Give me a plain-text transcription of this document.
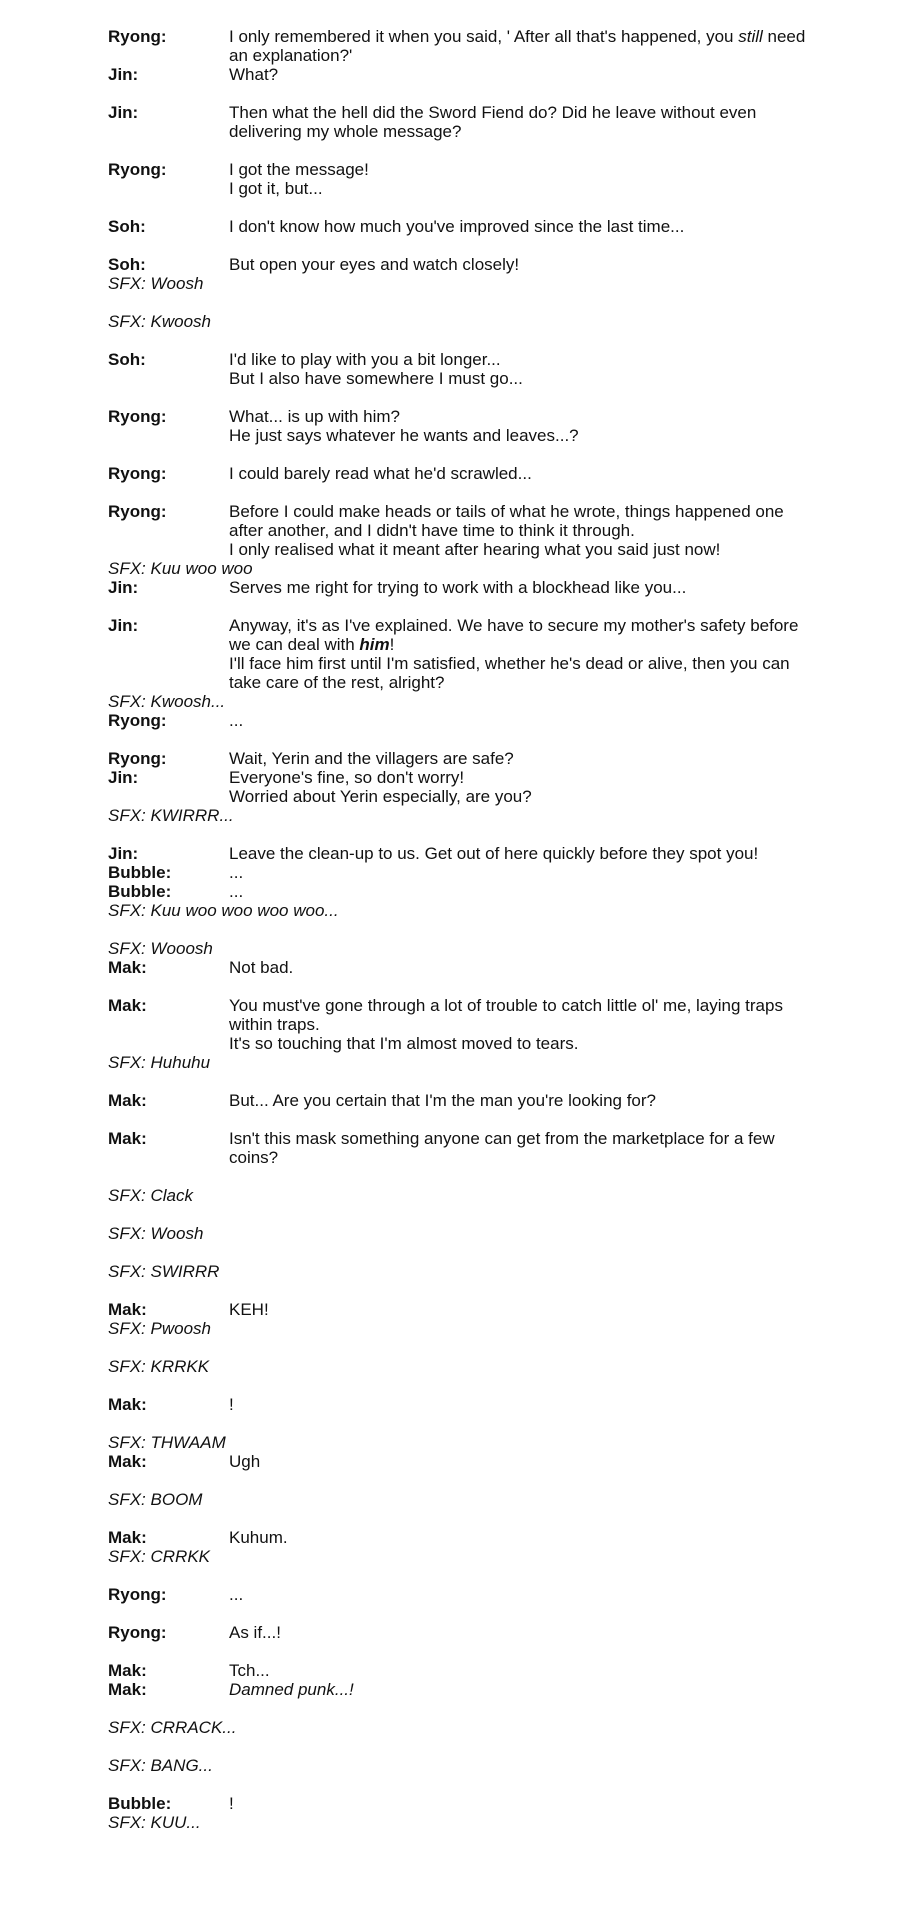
Ryong:	I only remembered it when you said, ' After all that's happened, you still need an explanation?'
Jin:	What?
Jin:	Then what the hell did the Sword Fiend do? Did he leave without even delivering my whole message?
Ryong:	I got the message!
I got it, but...
Soh:	I don't know how much you've improved since the last time...
Soh:	But open your eyes and watch closely!
SFX: Woosh
SFX: Kwoosh
Soh:	I'd like to play with you a bit longer...
But I also have somewhere I must go...
Ryong:	What... is up with him?
He just says whatever he wants and leaves...?
Ryong:	I could barely read what he'd scrawled...
Ryong:	Before I could make heads or tails of what he wrote, things happened one after another, and I didn't have time to think it through.
I only realised what it meant after hearing what you said just now!
SFX: Kuu woo woo
Jin:	Serves me right for trying to work with a blockhead like you...
Jin:	Anyway, it's as I've explained. We have to secure my mother's safety before we can deal with him!
I'll face him first until I'm satisfied, whether he's dead or alive, then you can take care of the rest, alright?
SFX: Kwoosh...
Ryong:	...
Ryong:	Wait, Yerin and the villagers are safe?
Jin:	Everyone's fine, so don't worry!
Worried about Yerin especially, are you?
SFX: KWIRRR...
Jin:	Leave the clean-up to us. Get out of here quickly before they spot you!
Bubble:	...
Bubble:	...
SFX: Kuu woo woo woo woo...
SFX: Wooosh
Mak:	Not bad.
Mak:	You must've gone through a lot of trouble to catch little ol' me, laying traps within traps.
It's so touching that I'm almost moved to tears.
SFX: Huhuhu
Mak:	But... Are you certain that I'm the man you're looking for?
Mak:	Isn't this mask something anyone can get from the marketplace for a few coins?
SFX: Clack
SFX: Woosh
SFX: SWIRRR
Mak:	KEH!
SFX: Pwoosh
SFX: KRRKK
Mak:	!
SFX: THWAAM
Mak:	Ugh
SFX: BOOM
Mak:	Kuhum.
SFX: CRRKK
Ryong:	...
Ryong:	As if...!
Mak:	Tch...
Mak:	Damned punk...!
SFX: CRRACK...
SFX: BANG...
Bubble:	!
SFX: KUU...
